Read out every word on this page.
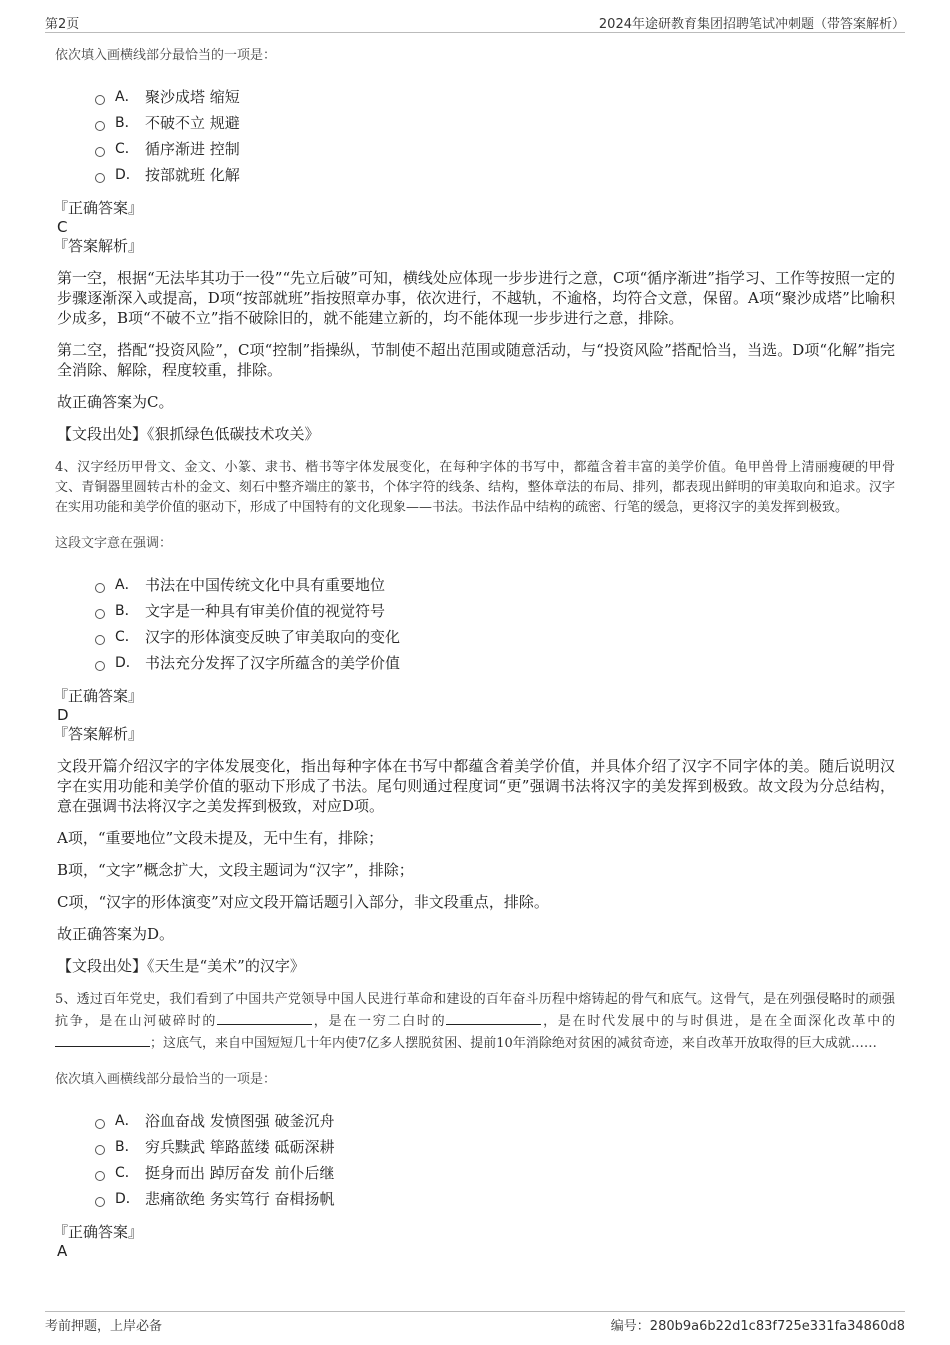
第2页	2024年途研教育集团招聘笔试冲刺题（带答案解析）
依次填入画横线部分最恰当的一项是：
A． 聚沙成塔 缩短
B． 不破不立 规避
C． 循序渐进 控制
D． 按部就班 化解
『正确答案』
C
『答案解析』
第一空，根据“无法毕其功于一役”“先立后破”可知，横线处应体现一步步进行之意，C项“循序渐进”指学习、工作等按照一定的步骤逐渐深入或提高，D项“按部就班”指按照章办事，依次进行，不越轨，不逾格，均符合文意，保留。A项“聚沙成塔”比喻积少成多，B项“不破不立”指不破除旧的，就不能建立新的，均不能体现一步步进行之意，排除。
第二空，搭配“投资风险”，C项“控制”指操纵，节制使不超出范围或随意活动，与“投资风险”搭配恰当，当选。D项“化解”指完全消除、解除，程度较重，排除。
故正确答案为C。
【文段出处】《狠抓绿色低碳技术攻关》
4、汉字经历甲骨文、金文、小篆、隶书、楷书等字体发展变化，在每种字体的书写中，都蕴含着丰富的美学价值。龟甲兽骨上清丽瘦硬的甲骨文、青铜器里圆转古朴的金文、刻石中整齐端庄的篆书，个体字符的线条、结构，整体章法的布局、排列，都表现出鲜明的审美取向和追求。汉字在实用功能和美学价值的驱动下，形成了中国特有的文化现象——书法。书法作品中结构的疏密、行笔的缓急，更将汉字的美发挥到极致。
这段文字意在强调：
A． 书法在中国传统文化中具有重要地位
B． 文字是一种具有审美价值的视觉符号
C． 汉字的形体演变反映了审美取向的变化
D． 书法充分发挥了汉字所蕴含的美学价值
『正确答案』
D
『答案解析』
文段开篇介绍汉字的字体发展变化，指出每种字体在书写中都蕴含着美学价值，并具体介绍了汉字不同字体的美。随后说明汉字在实用功能和美学价值的驱动下形成了书法。尾句则通过程度词“更”强调书法将汉字的美发挥到极致。故文段为分总结构，意在强调书法将汉字之美发挥到极致，对应D项。
A项，“重要地位”文段未提及，无中生有，排除；
B项，“文字”概念扩大，文段主题词为“汉字”，排除；
C项，“汉字的形体演变”对应文段开篇话题引入部分，非文段重点，排除。
故正确答案为D。
【文段出处】《天生是“美术”的汉字》
5、透过百年党史，我们看到了中国共产党领导中国人民进行革命和建设的百年奋斗历程中熔铸起的骨气和底气。这骨气，是在列强侵略时的顽强抗争，是在山河破碎时的	，是在一穷二白时的	，是在时代发展中的与时俱进，是在全面深化改革中的；这底气，来自中国短短几十年内使7亿多人摆脱贫困、提前10年消除绝对贫困的减贫奇迹，来自改革开放取得的巨大成就……
依次填入画横线部分最恰当的一项是：
A． 浴血奋战 发愤图强 破釜沉舟
B． 穷兵黩武 筚路蓝缕 砥砺深耕
C． 挺身而出 踔厉奋发 前仆后继
D． 悲痛欲绝 务实笃行 奋楫扬帆
『正确答案』
A
考前押题，上岸必备	编号：280b9a6b22d1c83f725e331fa34860d8
